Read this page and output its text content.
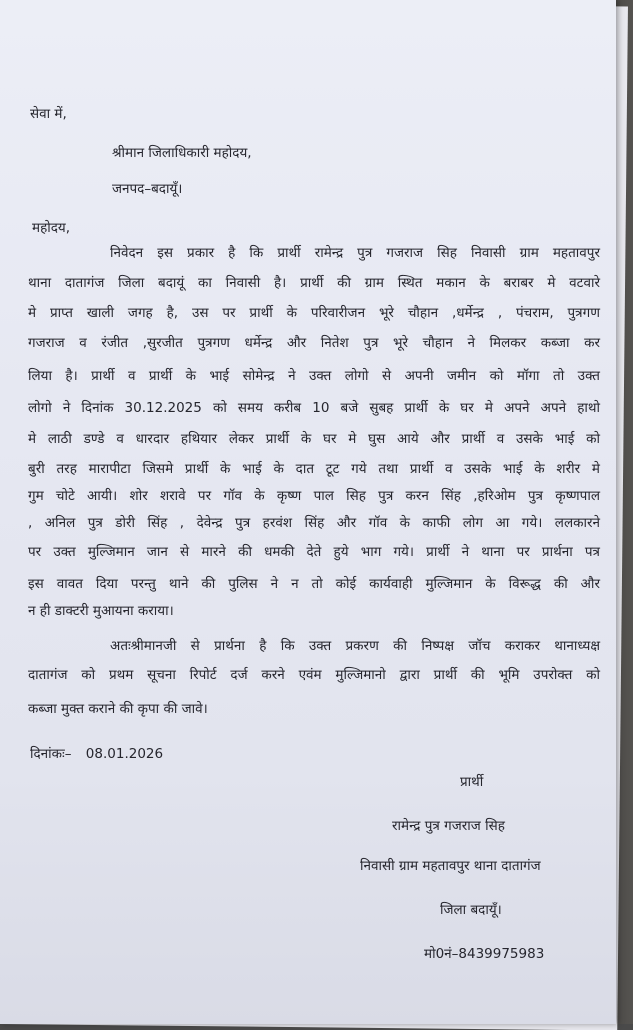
सेवा में,
श्रीमान जिलाधिकारी महोदय,
जनपद–बदायूँ।
महोदय,
निवेदन इस प्रकार है कि प्रार्थी रामेन्द्र पुत्र गजराज सिह निवासी ग्राम महतावपुर
थाना दातागंज जिला बदायूं का निवासी है। प्रार्थी की ग्राम स्थित मकान के बराबर मे वटवारे
मे प्राप्त खाली जगह है, उस पर प्रार्थी के परिवारीजन भूरे चौहान ,धर्मेन्द्र , पंचराम, पुत्रगण
गजराज व रंजीत ,सुरजीत पुत्रगण धर्मेन्द्र और नितेश पुत्र भूरे चौहान ने मिलकर कब्जा कर
लिया है। प्रार्थी व प्रार्थी के भाई सोमेन्द्र ने उक्त लोगो से अपनी जमीन को मॉगा तो उक्त
लोगो ने दिनांक 30.12.2025 को समय करीब 10 बजे सुबह प्रार्थी के घर मे अपने अपने हाथो
मे लाठी डण्डे व धारदार हथियार लेकर प्रार्थी के घर मे घुस आये और प्रार्थी व उसके भाई को
बुरी तरह मारापीटा जिसमे प्रार्थी के भाई के दात टूट गये तथा प्रार्थी व उसके भाई के शरीर मे
गुम चोटे आयी। शोर शरावे पर गॉव के कृष्ण पाल सिह पुत्र करन सिंह ,हरिओम पुत्र कृष्णपाल
, अनिल पुत्र डोरी सिंह , देवेन्द्र पुत्र हरवंश सिंह और गॉव के काफी लोग आ गये। ललकारने
पर उक्त मुल्जिमान जान से मारने की धमकी देते हुये भाग गये। प्रार्थी ने थाना पर प्रार्थना पत्र
इस वावत दिया परन्तु थाने की पुलिस ने न तो कोई कार्यवाही मुल्जिमान के विरूद्ध की और
न ही डाक्टरी मुआयना कराया।
अतःश्रीमानजी से प्रार्थना है कि उक्त प्रकरण की निष्पक्ष जॉच कराकर थानाध्यक्ष
दातागंज को प्रथम सूचना रिपोर्ट दर्ज करने एवंम मुल्जिमानो द्वारा प्रार्थी की भूमि उपरोक्त को
कब्जा मुक्त कराने की कृपा की जावे।
दिनांकः– 08.01.2026
प्रार्थी
रामेन्द्र पुत्र गजराज सिह
निवासी ग्राम महतावपुर थाना दातागंज
जिला बदायूँ।
मो0नं–8439975983
